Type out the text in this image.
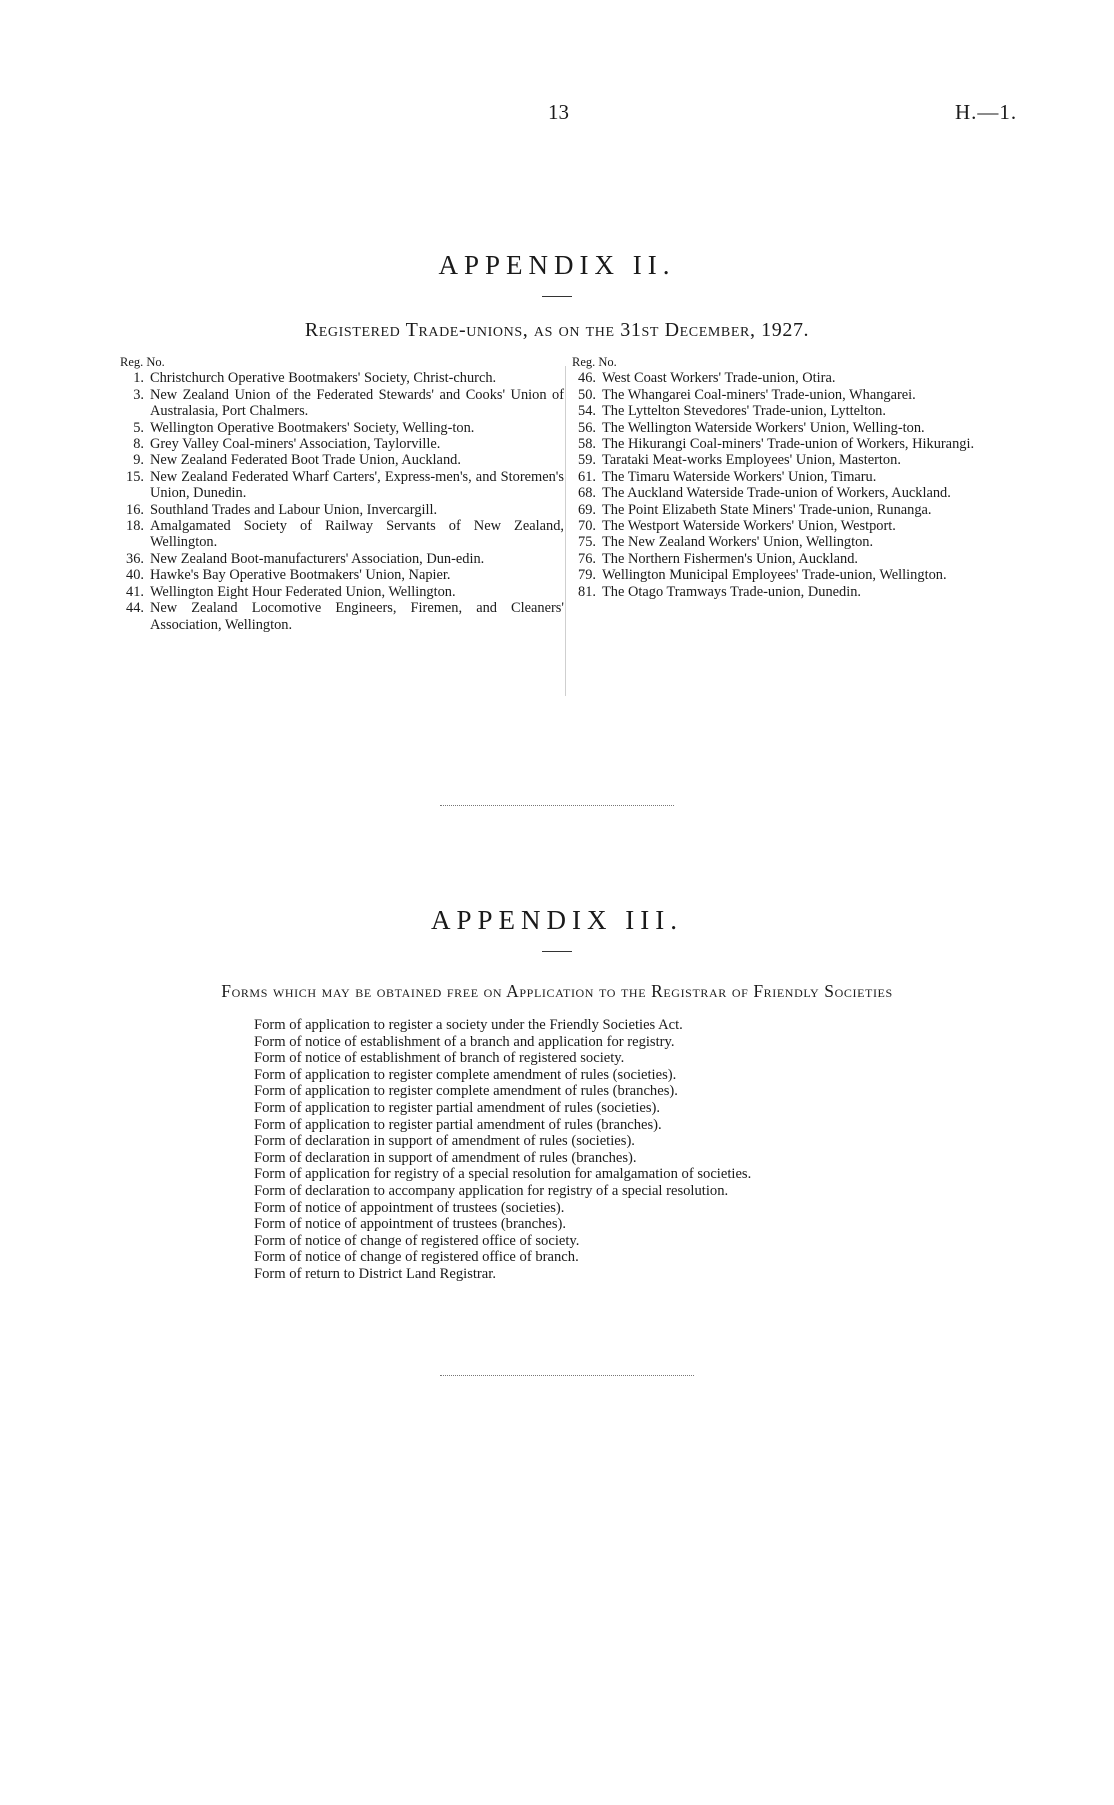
13	H.—1.
APPENDIX II.
Registered Trade-unions, as on the 31st December, 1927.
Reg. No.
1. Christchurch Operative Bootmakers' Society, Christ-church.
3. New Zealand Union of the Federated Stewards' and Cooks' Union of Australasia, Port Chalmers.
5. Wellington Operative Bootmakers' Society, Welling-ton.
8. Grey Valley Coal-miners' Association, Taylorville.
9. New Zealand Federated Boot Trade Union, Auckland.
15. New Zealand Federated Wharf Carters', Express-men's, and Storemen's Union, Dunedin.
16. Southland Trades and Labour Union, Invercargill.
18. Amalgamated Society of Railway Servants of New Zealand, Wellington.
36. New Zealand Boot-manufacturers' Association, Dun-edin.
40. Hawke's Bay Operative Bootmakers' Union, Napier.
41. Wellington Eight Hour Federated Union, Wellington.
44. New Zealand Locomotive Engineers, Firemen, and Cleaners' Association, Wellington.
Reg. No.
46. West Coast Workers' Trade-union, Otira.
50. The Whangarei Coal-miners' Trade-union, Whangarei.
54. The Lyttelton Stevedores' Trade-union, Lyttelton.
56. The Wellington Waterside Workers' Union, Welling-ton.
58. The Hikurangi Coal-miners' Trade-union of Workers, Hikurangi.
59. Tarataki Meat-works Employees' Union, Masterton.
61. The Timaru Waterside Workers' Union, Timaru.
68. The Auckland Waterside Trade-union of Workers, Auckland.
69. The Point Elizabeth State Miners' Trade-union, Runanga.
70. The Westport Waterside Workers' Union, Westport.
75. The New Zealand Workers' Union, Wellington.
76. The Northern Fishermen's Union, Auckland.
79. Wellington Municipal Employees' Trade-union, Wellington.
81. The Otago Tramways Trade-union, Dunedin.
APPENDIX III.
Forms which may be obtained free on Application to the Registrar of Friendly Societies
Form of application to register a society under the Friendly Societies Act.
Form of notice of establishment of a branch and application for registry.
Form of notice of establishment of branch of registered society.
Form of application to register complete amendment of rules (societies).
Form of application to register complete amendment of rules (branches).
Form of application to register partial amendment of rules (societies).
Form of application to register partial amendment of rules (branches).
Form of declaration in support of amendment of rules (societies).
Form of declaration in support of amendment of rules (branches).
Form of application for registry of a special resolution for amalgamation of societies.
Form of declaration to accompany application for registry of a special resolution.
Form of notice of appointment of trustees (societies).
Form of notice of appointment of trustees (branches).
Form of notice of change of registered office of society.
Form of notice of change of registered office of branch.
Form of return to District Land Registrar.
